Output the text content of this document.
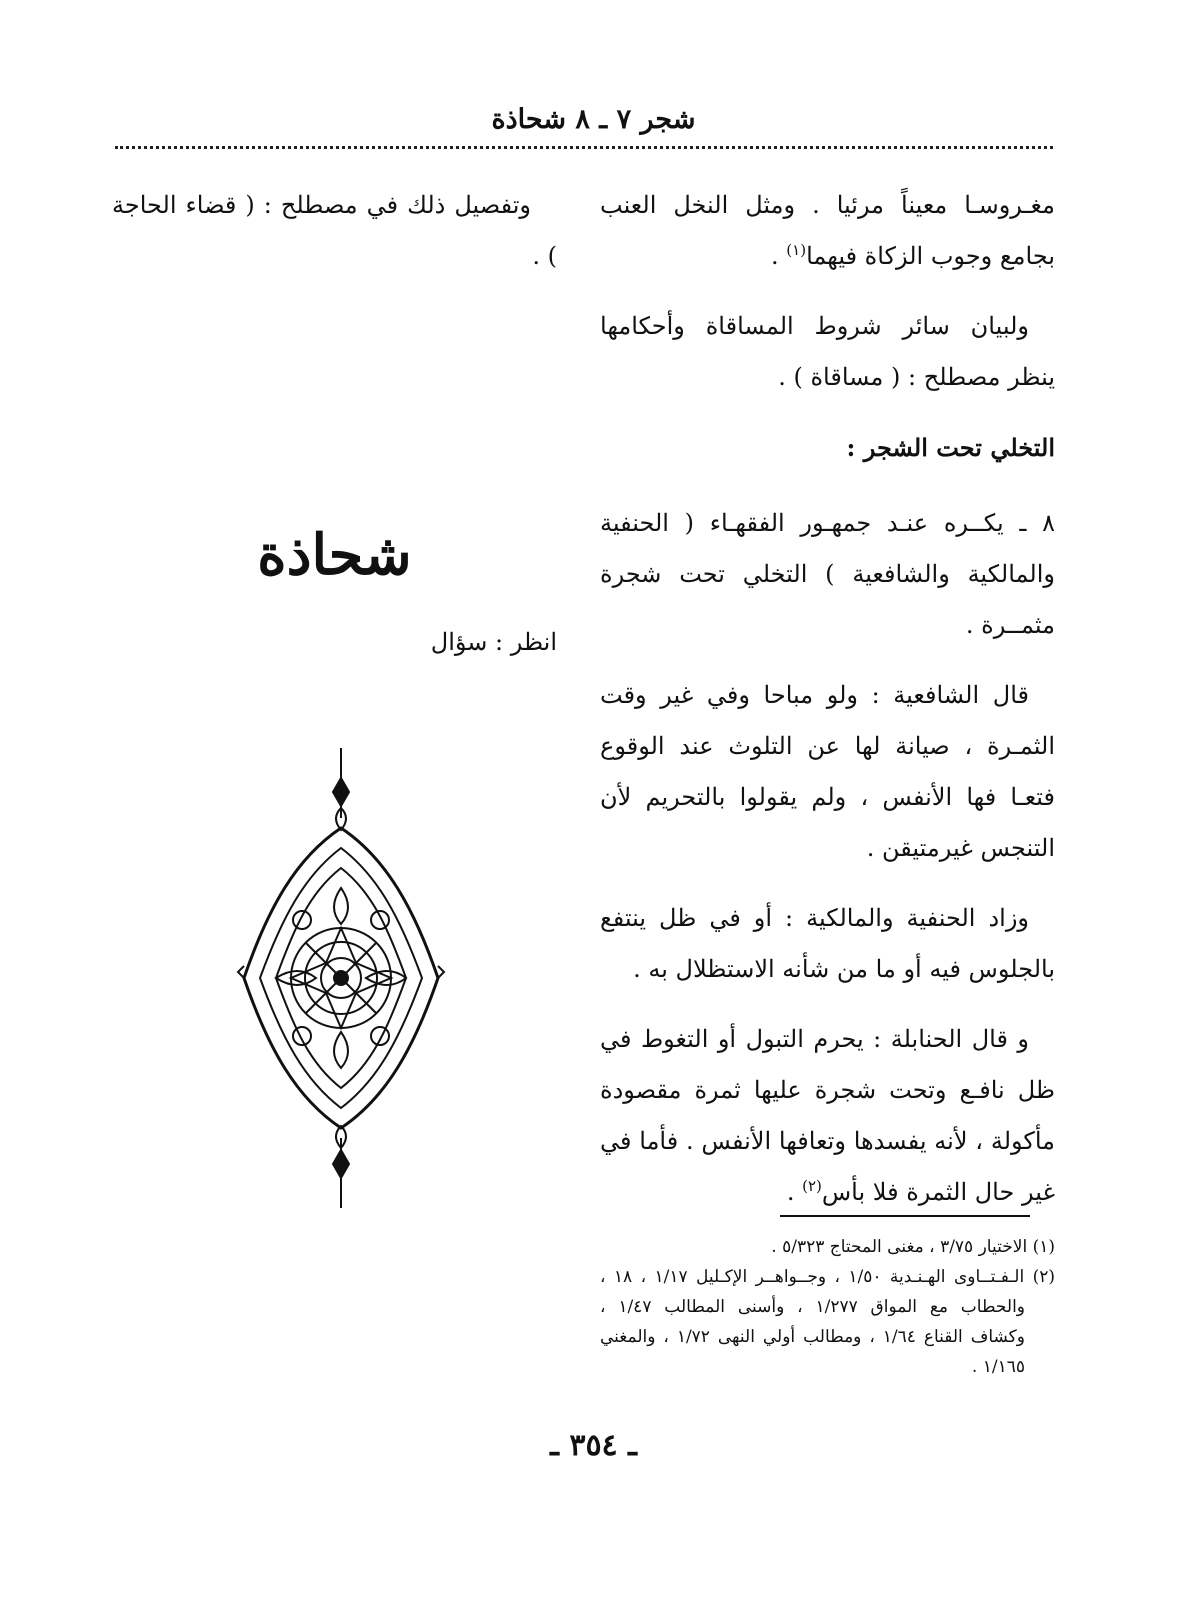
شجر ٧ ـ ٨ شحاذة

مغـروسـا معيناً مرئيا . ومثل النخل العنب بجامع وجوب الزكاة فيهما$^{(١)}$ .

ولبيان سائر شروط المساقاة وأحكامها ينظر مصطلح : ( مساقاة ) .

التخلي تحت الشجر :

٨ ـ يكــره عنـد جمهـور الفقهـاء ( الحنفية والمالكية والشافعية ) التخلي تحت شجرة مثمــرة .

قال الشافعية : ولو مباحا وفي غير وقت الثمـرة ، صيانة لها عن التلوث عند الوقوع فتعـا فها الأنفس ، ولم يقولوا بالتحريم لأن التنجس غيرمتيقن .

وزاد الحنفية والمالكية : أو في ظل ينتفع بالجلوس فيه أو ما من شأنه الاستظلال به .

و قال الحنابلة : يحرم التبول أو التغوط في ظل نافـع وتحت شجرة عليها ثمرة مقصودة مأكولة ، لأنه يفسدها وتعافها الأنفس . فأما في غير حال الثمرة فلا بأس$^{(٢)}$ .

وتفصيل ذلك في مصطلح : ( قضاء الحاجة ) .

شحاذة
انظر : سؤال

(١) الاختيار ٣/٧٥ ، مغنى المحتاج ٥/٣٢٣ .

(٢) الـفـتــاوى الهـنـدية ١/٥٠ ، وجــواهــر الإكـليل ١/١٧ ، ١٨ ، والحطاب مع المواق ١/٢٧٧ ، وأسنى المطالب ١/٤٧ ، وكشاف القناع ١/٦٤ ، ومطالب أولي النهى ١/٧٢ ، والمغني ١/١٦٥ .

ـ ٣٥٤ ـ
